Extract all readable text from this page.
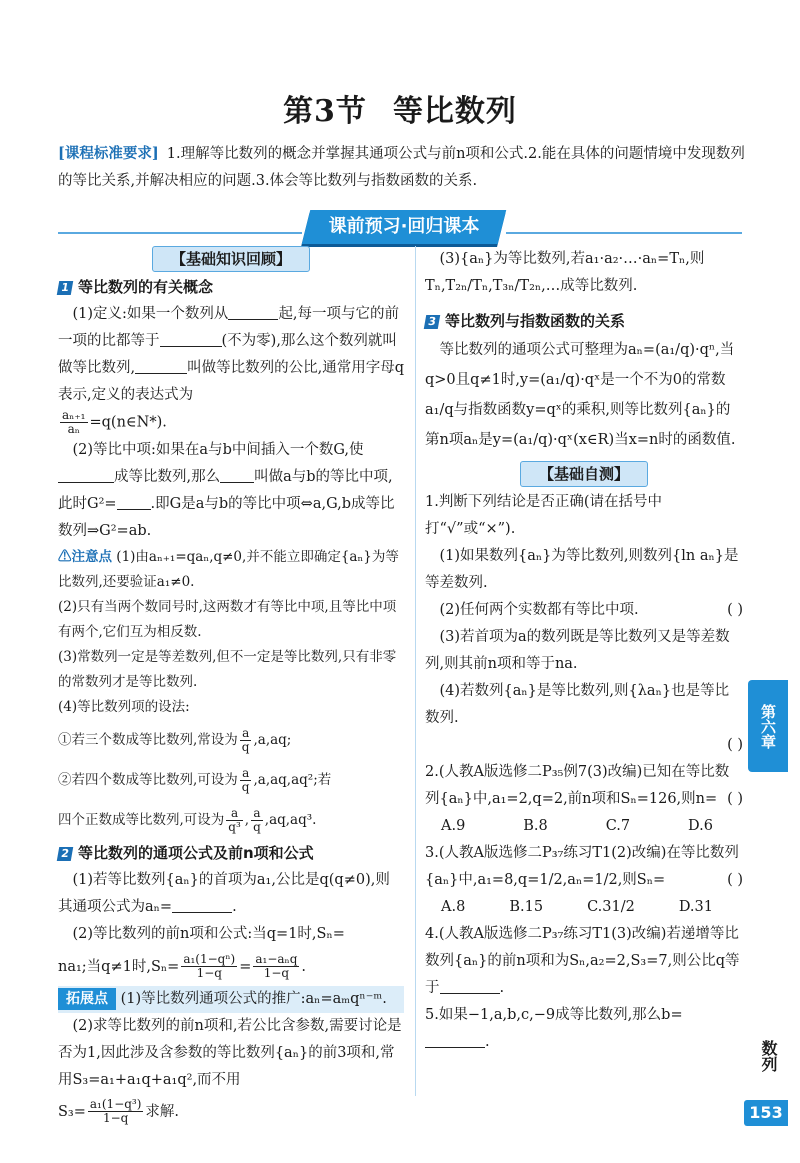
第3节 等比数列
[课程标准要求] 1.理解等比数列的概念并掌握其通项公式与前n项和公式.2.能在具体的问题情境中发现数列的等比关系,并解决相应的问题.3.体会等比数列与指数函数的关系.
课前预习·回归课本

【基础知识回顾】

1 等比数列的有关概念

(1)定义:如果一个数列从	起,每一项与它的前一项的比都等于	(不为零),那么这个数列就叫做等比数列,	叫做等比数列的公比,通常用字母q表示,定义的表达式为

$\frac{\text{aₙ₊₁}}{\text{aₙ}}$ =q(n∈N*).

(2)等比中项:如果在a与b中间插入一个数G,使成等比数列,那么 叫做a与b的等比中项,此时G²= .即G是a与b的等比中项⇔a,G,b成等比数列⇒G²=ab.

⚠注意点 (1)由aₙ₊₁=qaₙ,q≠0,并不能立即确定{aₙ}为等比数列,还要验证a₁≠0.

(2)只有当两个数同号时,这两数才有等比中项,且等比中项有两个,它们互为相反数.

(3)常数列一定是等差数列,但不一定是等比数列,只有非零的常数列才是等比数列.

(4)等比数列项的设法:

①若三个数成等比数列,常设为 $\frac{a}{q} ,a,aq$;

②若四个数成等比数列,可设为 $\frac{a}{q} ,a,aq,aq^2$;若

四个正数成等比数列,可设为 $\frac{a}{\text{q³}}$ , $\frac{a}{q} ,aq,aq^3$.

2 等比数列的通项公式及前n项和公式

(1)若等比数列{aₙ}的首项为a₁,公比是q(q≠0),则其通项公式为aₙ=	.

(2)等比数列的前n项和公式:当q=1时,Sₙ=

na₁;当q≠1时$,S_n= \frac{\text{a₁(1−qⁿ)}}{1-q} = \frac{\text{a₁−aₙq}}{1-q}$ .

拓展点 (1)等比数列通项公式的推广:aₙ=aₘqⁿ⁻ᵐ.

(2)求等比数列的前n项和,若公比含参数,需要讨论是否为1,因此涉及含参数的等比数列{aₙ}的前3项和,常用S₃=a₁+a₁q+a₁q²,而不用

$S_3= \frac{\text{a₁(1−q³)}}{1-q}$ 求解.

(3){aₙ}为等比数列,若a₁·a₂·…·aₙ=Tₙ,则Tₙ,T₂ₙ/Tₙ,T₃ₙ/T₂ₙ,…成等比数列.

3 等比数列与指数函数的关系

等比数列的通项公式可整理为aₙ=(a₁/q)·qⁿ,当q>0且q≠1时,y=(a₁/q)·qˣ是一个不为0的常数a₁/q与指数函数y=qˣ的乘积,则等比数列{aₙ}的第n项aₙ是y=(a₁/q)·qˣ(x∈R)当x=n时的函数值.

【基础自测】

1.判断下列结论是否正确(请在括号中打“√”或“×”).

(1)如果数列{aₙ}为等比数列,则数列{ln aₙ}是等差数列.

(2)任何两个实数都有等比中项.	( )

(3)若首项为a的数列既是等比数列又是等差数列,则其前n项和等于na.

(4)若数列{aₙ}是等比数列,则{λaₙ}也是等比数列.

( )

2.(人教A版选修二P₃₅例7(3)改编)已知在等比数列{aₙ}中,a₁=2,q=2,前n项和Sₙ=126,则n= ( )

A.9	B.8	C.7	D.6

3.(人教A版选修二P₃₇练习T1(2)改编)在等比数列{aₙ}中,a₁=8,q=1/2,aₙ=1/2,则Sₙ=	( )

A.8	B.15	C.31/2	D.31

4.(人教A版选修二P₃₇练习T1(3)改编)若递增等比数列{aₙ}的前n项和为Sₙ,a₂=2,S₃=7,则公比q等于	.

5.如果−1,a,b,c,−9成等比数列,那么b=

.

第六章
数列
153
